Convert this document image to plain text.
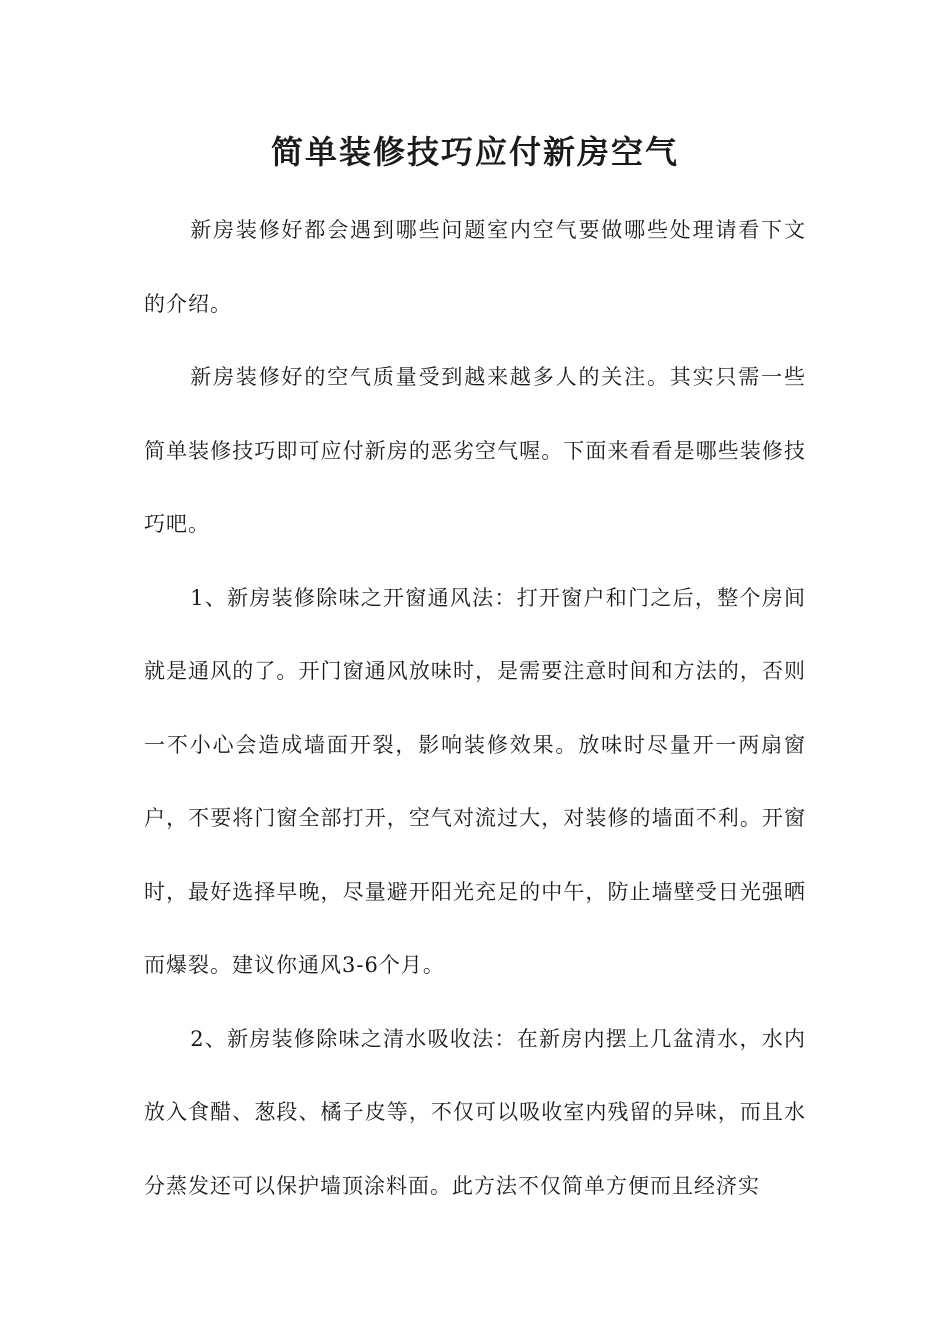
简单装修技巧应付新房空气

新房装修好都会遇到哪些问题室内空气要做哪些处理请看下文的介绍。

新房装修好的空气质量受到越来越多人的关注。其实只需一些简单装修技巧即可应付新房的恶劣空气喔。下面来看看是哪些装修技巧吧。

1、新房装修除味之开窗通风法：打开窗户和门之后，整个房间就是通风的了。开门窗通风放味时，是需要注意时间和方法的，否则一不小心会造成墙面开裂，影响装修效果。放味时尽量开一两扇窗户，不要将门窗全部打开，空气对流过大，对装修的墙面不利。开窗时，最好选择早晚，尽量避开阳光充足的中午，防止墙壁受日光强晒而爆裂。建议你通风3-6个月。

2、新房装修除味之清水吸收法：在新房内摆上几盆清水，水内放入食醋、葱段、橘子皮等，不仅可以吸收室内残留的异味，而且水分蒸发还可以保护墙顶涂料面。此方法不仅简单方便而且经济实
